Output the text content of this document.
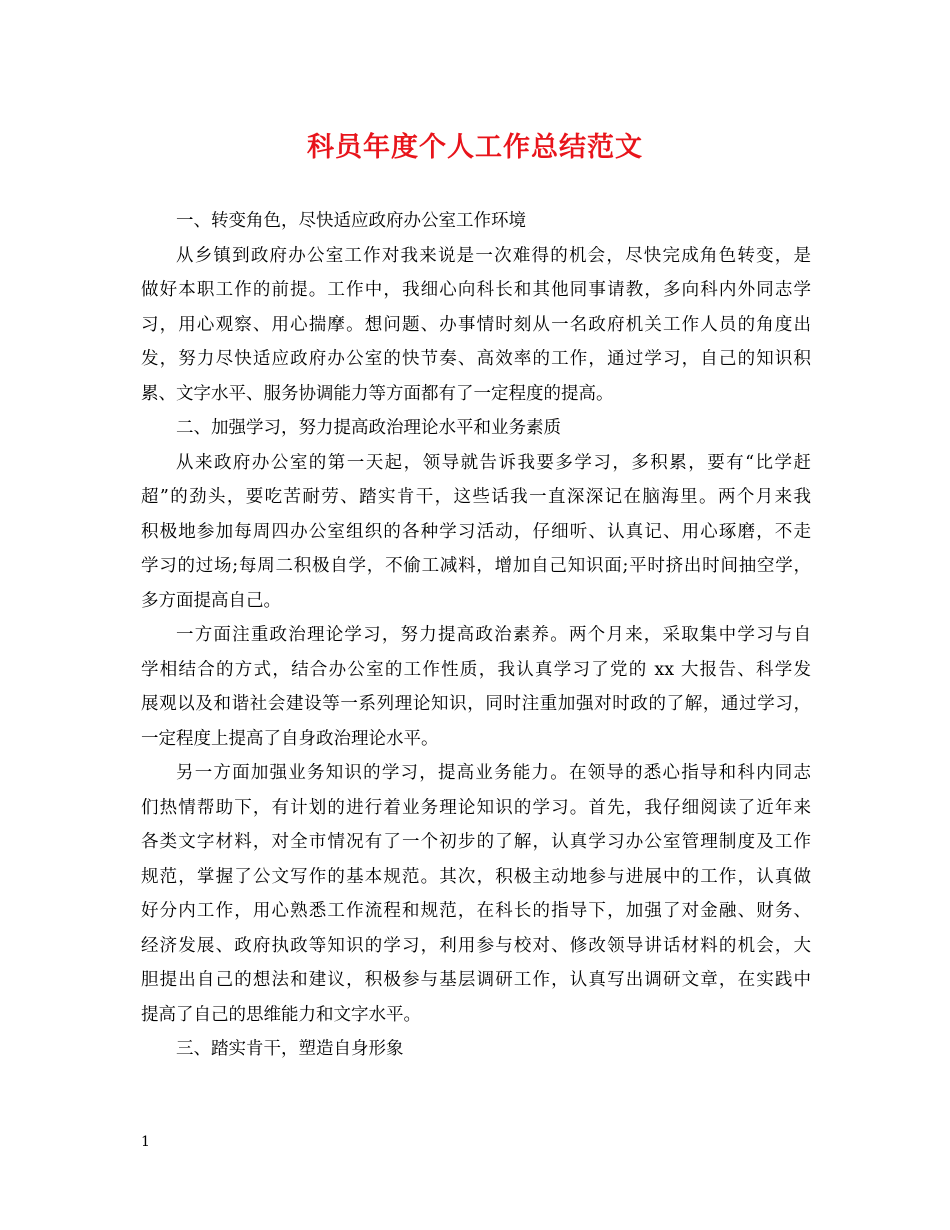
科员年度个人工作总结范文
一、转变角色，尽快适应政府办公室工作环境
从乡镇到政府办公室工作对我来说是一次难得的机会，尽快完成角色转变，是
做好本职工作的前提。工作中，我细心向科长和其他同事请教，多向科内外同志学
习，用心观察、用心揣摩。想问题、办事情时刻从一名政府机关工作人员的角度出
发，努力尽快适应政府办公室的快节奏、高效率的工作，通过学习，自己的知识积
累、文字水平、服务协调能力等方面都有了一定程度的提高。
二、加强学习，努力提高政治理论水平和业务素质
从来政府办公室的第一天起，领导就告诉我要多学习，多积累，要有“比学赶
超”的劲头，要吃苦耐劳、踏实肯干，这些话我一直深深记在脑海里。两个月来我
积极地参加每周四办公室组织的各种学习活动，仔细听、认真记、用心琢磨，不走
学习的过场;每周二积极自学，不偷工减料，增加自己知识面;平时挤出时间抽空学，
多方面提高自己。
一方面注重政治理论学习，努力提高政治素养。两个月来，采取集中学习与自
学相结合的方式，结合办公室的工作性质，我认真学习了党的 xx 大报告、科学发
展观以及和谐社会建设等一系列理论知识，同时注重加强对时政的了解，通过学习，
一定程度上提高了自身政治理论水平。
另一方面加强业务知识的学习，提高业务能力。在领导的悉心指导和科内同志
们热情帮助下，有计划的进行着业务理论知识的学习。首先，我仔细阅读了近年来
各类文字材料，对全市情况有了一个初步的了解，认真学习办公室管理制度及工作
规范，掌握了公文写作的基本规范。其次，积极主动地参与进展中的工作，认真做
好分内工作，用心熟悉工作流程和规范，在科长的指导下，加强了对金融、财务、
经济发展、政府执政等知识的学习，利用参与校对、修改领导讲话材料的机会，大
胆提出自己的想法和建议，积极参与基层调研工作，认真写出调研文章，在实践中
提高了自己的思维能力和文字水平。
三、踏实肯干，塑造自身形象

1
